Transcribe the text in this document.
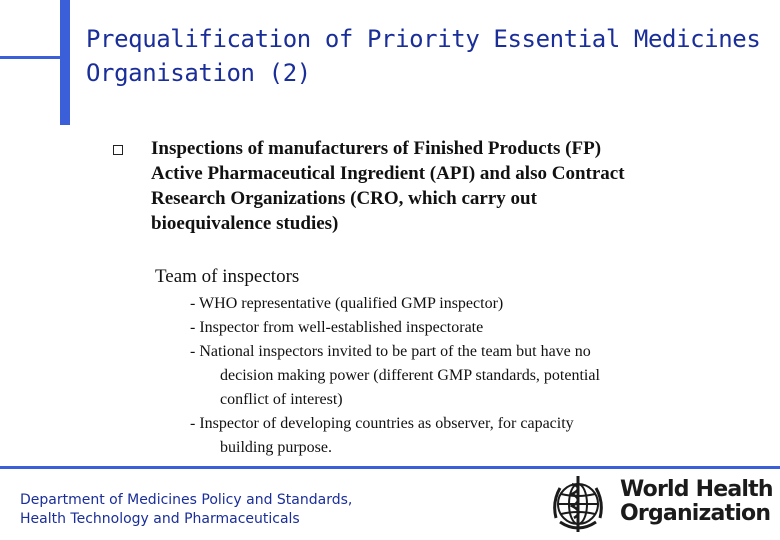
Prequalification of Priority Essential Medicines
Organisation (2)
Inspections of manufacturers of Finished Products (FP)
Active Pharmaceutical Ingredient (API) and also Contract
Research Organizations (CRO, which carry out
bioequivalence studies)
Team of inspectors
- WHO representative (qualified GMP inspector)
- Inspector from well-established inspectorate
- National inspectors invited to be part of the team but have no
decision making power (different GMP standards, potential
conflict of interest)
- Inspector of developing countries as observer, for capacity
building purpose.
Department of Medicines Policy and Standards,
Health Technology and Pharmaceuticals
World Health
Organization
